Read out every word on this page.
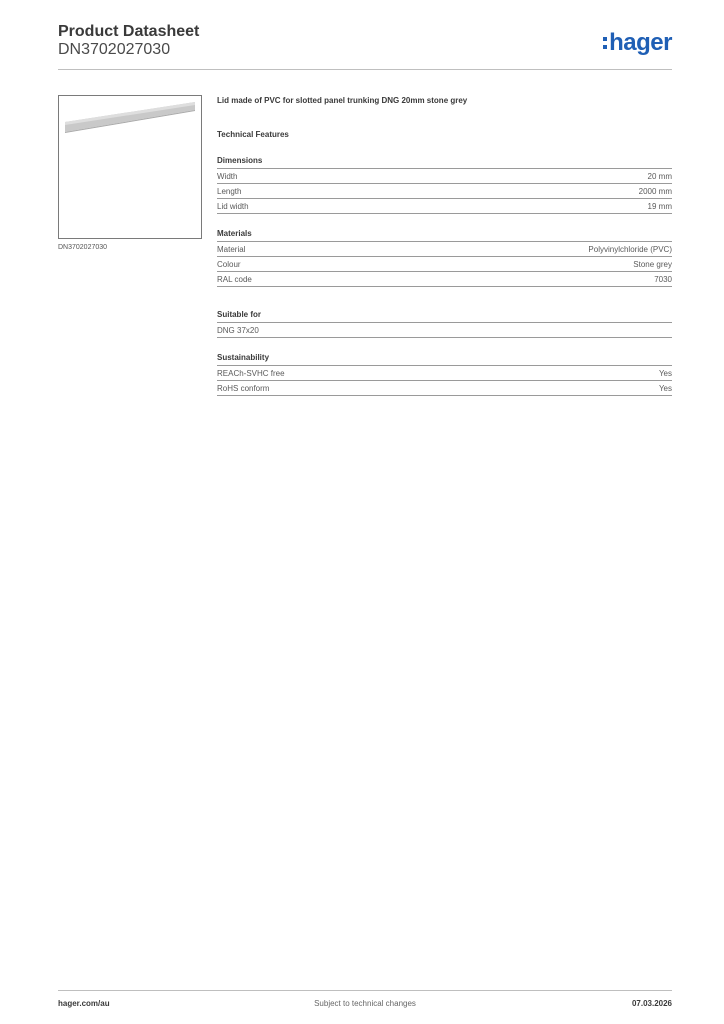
Product Datasheet
DN3702027030	hager
DN3702027030
Lid made of PVC for slotted panel trunking DNG 20mm stone grey
Technical Features
Dimensions
Width	20 mm
Length	2000 mm
Lid width	19 mm
Materials
Material	Polyvinylchloride (PVC)
Colour	Stone grey
RAL code	7030
Suitable for
DNG 37x20
Sustainability
REACh-SVHC free	Yes
RoHS conform	Yes
hager.com/au	Subject to technical changes	07.03.2026
